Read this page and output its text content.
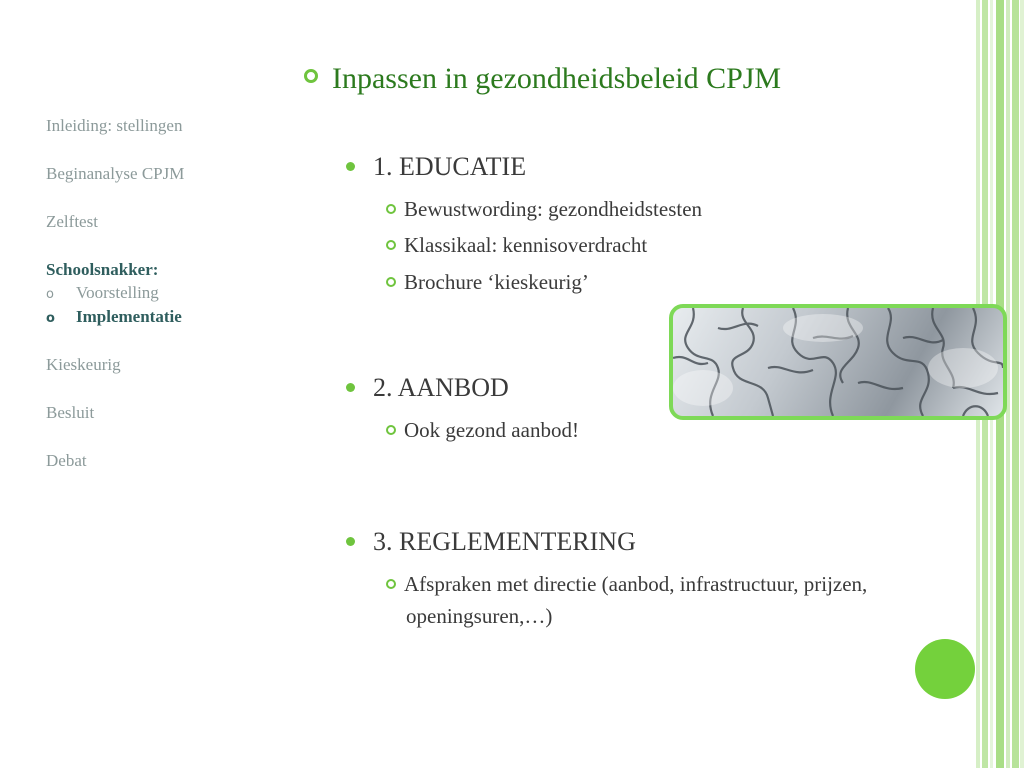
Inleiding: stellingen
Beginanalyse CPJM
Zelftest
Schoolsnakker:
o Voorstelling
o Implementatie
Kieskeurig
Besluit
Debat
Inpassen in gezondheidsbeleid CPJM
1. EDUCATIE
Bewustwording: gezondheidstesten
Klassikaal: kennisoverdracht
Brochure ‘kieskeurig’
2. AANBOD
Ook gezond aanbod!
3. REGLEMENTERING
Afspraken met directie (aanbod, infrastructuur, prijzen, openingsuren,…)
